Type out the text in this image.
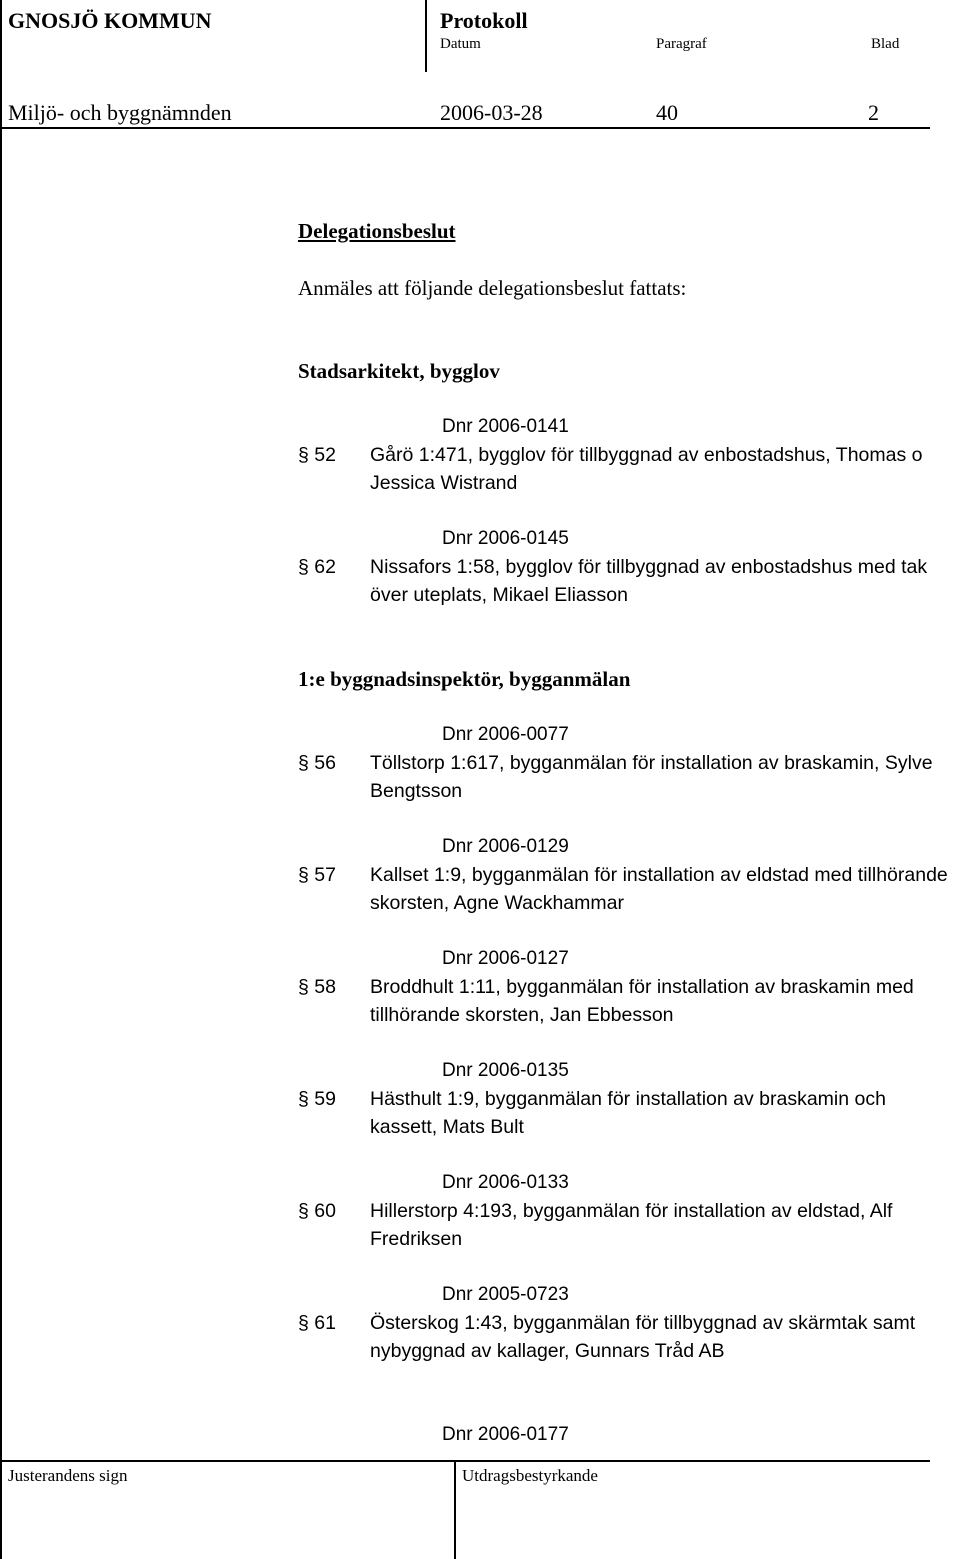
GNOSJÖ KOMMUN	Protokoll
Datum	Paragraf	Blad
Miljö- och byggnämnden	2006-03-28	40	2
Delegationsbeslut
Anmäles att följande delegationsbeslut fattats:
Stadsarkitekt, bygglov
Dnr 2006-0141
§ 52 Gårö 1:471, bygglov för tillbyggnad av enbostadshus, Thomas o Jessica Wistrand
Dnr 2006-0145
§ 62 Nissafors 1:58, bygglov för tillbyggnad av enbostadshus med tak över uteplats, Mikael Eliasson
1:e byggnadsinspektör, bygganmälan
Dnr 2006-0077
§ 56 Töllstorp 1:617, bygganmälan för installation av braskamin, Sylve Bengtsson
Dnr 2006-0129
§ 57 Kallset 1:9, bygganmälan för installation av eldstad med tillhörande skorsten, Agne Wackhammar
Dnr 2006-0127
§ 58 Broddhult 1:11, bygganmälan för installation av braskamin med tillhörande skorsten, Jan Ebbesson
Dnr 2006-0135
§ 59 Hästhult 1:9, bygganmälan för installation av braskamin och kassett, Mats Bult
Dnr 2006-0133
§ 60 Hillerstorp 4:193, bygganmälan för installation av eldstad, Alf Fredriksen
Dnr 2005-0723
§ 61 Österskog 1:43, bygganmälan för tillbyggnad av skärmtak samt nybyggnad av kallager, Gunnars Tråd AB
Dnr 2006-0177
Justerandens sign	Utdragsbestyrkande
